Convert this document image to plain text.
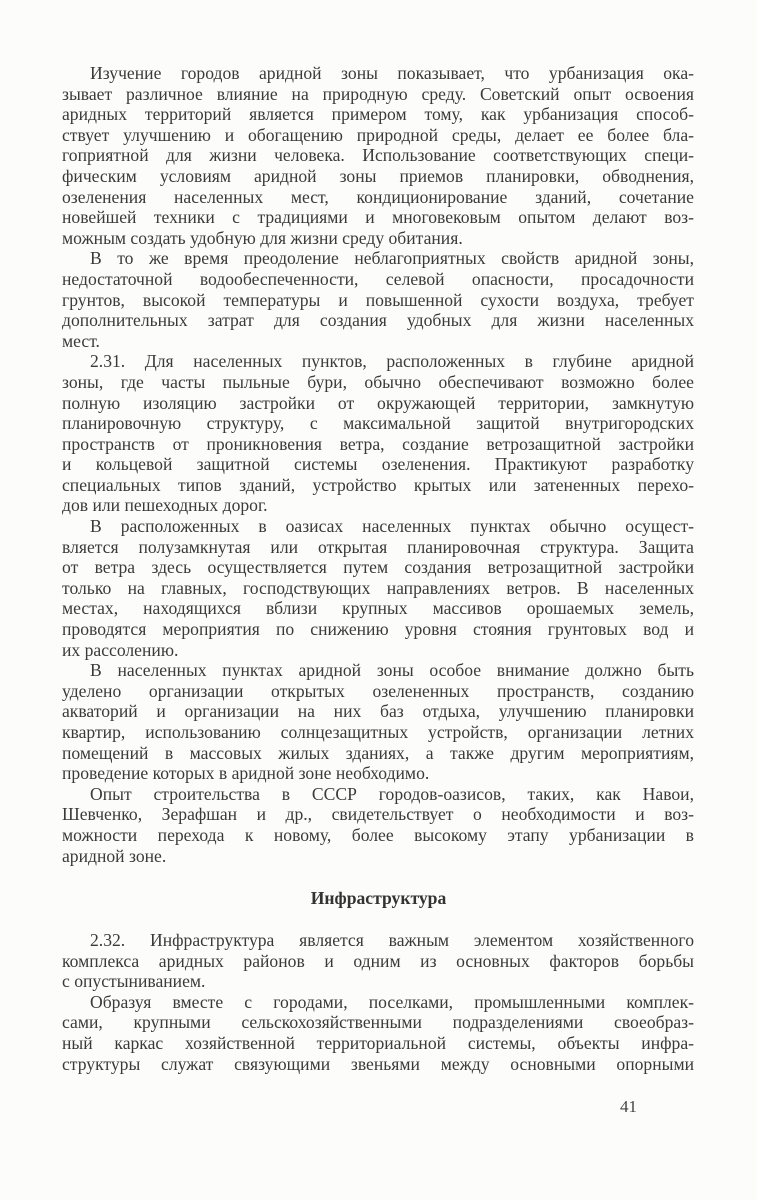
Изучение городов аридной зоны показывает, что урбанизация ока-
зывает различное влияние на природную среду. Советский опыт освоения
аридных территорий является примером тому, как урбанизация способ-
ствует улучшению и обогащению природной среды, делает ее более бла-
гоприятной для жизни человека. Использование соответствующих специ-
фическим условиям аридной зоны приемов планировки, обводнения,
озеленения населенных мест, кондиционирование зданий, сочетание
новейшей техники с традициями и многовековым опытом делают воз-
можным создать удобную для жизни среду обитания.
В то же время преодоление неблагоприятных свойств аридной зоны,
недостаточной водообеспеченности, селевой опасности, просадочности
грунтов, высокой температуры и повышенной сухости воздуха, требует
дополнительных затрат для создания удобных для жизни населенных
мест.
2.31. Для населенных пунктов, расположенных в глубине аридной
зоны, где часты пыльные бури, обычно обеспечивают возможно более
полную изоляцию застройки от окружающей территории, замкнутую
планировочную структуру, с максимальной защитой внутригородских
пространств от проникновения ветра, создание ветрозащитной застройки
и кольцевой защитной системы озеленения. Практикуют разработку
специальных типов зданий, устройство крытых или затененных перехо-
дов или пешеходных дорог.
В расположенных в оазисах населенных пунктах обычно осущест-
вляется полузамкнутая или открытая планировочная структура. Защита
от ветра здесь осуществляется путем создания ветрозащитной застройки
только на главных, господствующих направлениях ветров. В населенных
местах, находящихся вблизи крупных массивов орошаемых земель,
проводятся мероприятия по снижению уровня стояния грунтовых вод и
их рассолению.
В населенных пунктах аридной зоны особое внимание должно быть
уделено организации открытых озелененных пространств, созданию
акваторий и организации на них баз отдыха, улучшению планировки
квартир, использованию солнцезащитных устройств, организации летних
помещений в массовых жилых зданиях, а также другим мероприятиям,
проведение которых в аридной зоне необходимо.
Опыт строительства в СССР городов-оазисов, таких, как Навои,
Шевченко, Зерафшан и др., свидетельствует о необходимости и воз-
можности перехода к новому, более высокому этапу урбанизации в
аридной зоне.
Инфраструктура
2.32. Инфраструктура является важным элементом хозяйственного
комплекса аридных районов и одним из основных факторов борьбы
с опустыниванием.
Образуя вместе с городами, поселками, промышленными комплек-
сами, крупными сельскохозяйственными подразделениями своеобраз-
ный каркас хозяйственной территориальной системы, объекты инфра-
структуры служат связующими звеньями между основными опорными
41
